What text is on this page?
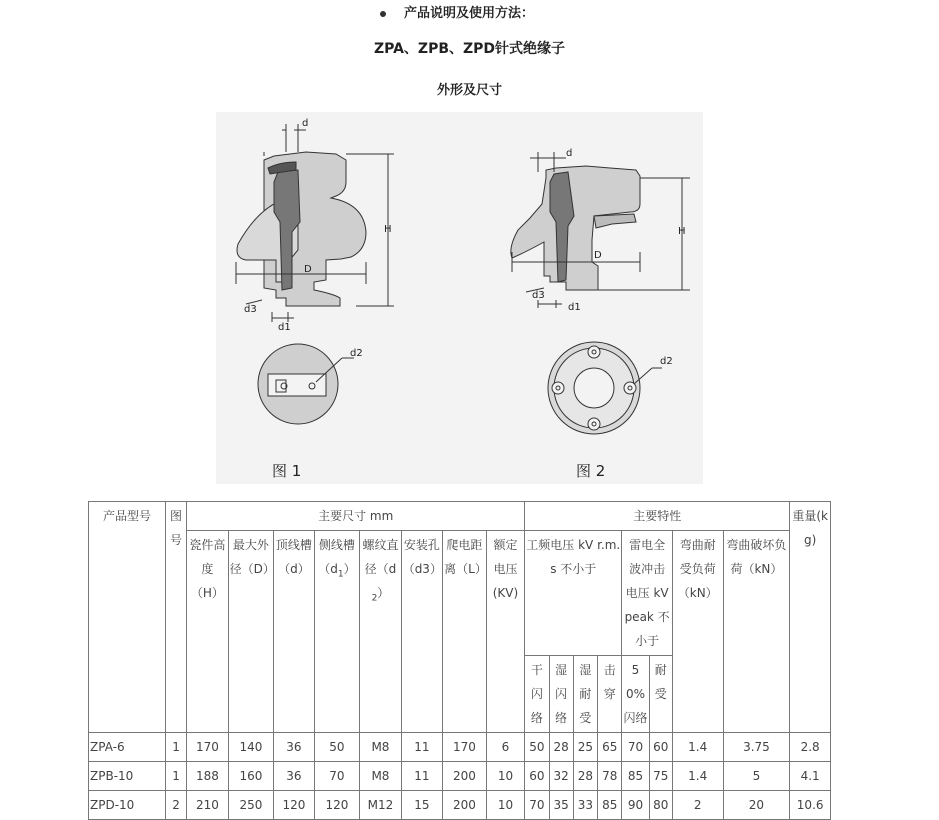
产品说明及使用方法：
ZPA、ZPB、ZPD针式绝缘子
外形及尺寸
d
H
D
d1
d3
d2
d
H
D
d1
d3
d2
图 1	图 2
产品型号	图号	主要尺寸 mm								主要特性								重量(kg)
		瓷件高度（H）	最大外径（D）	顶线槽（d）	侧线槽$(d_1)$	螺纹直径$(d_2)$	安装孔（d3）	爬电距离（L）	额定电压(KV)	工频电压 kV r.m.s 不小于				雷电全波冲击电压 kV peak 不小于		弯曲耐受负荷（kN）	弯曲破坏负荷（kN）	
										干闪络	湿闪络	湿耐受	击穿	50%闪络	耐受			
ZPA-6	1	170	140	36	50	M8	11	170	6	50	28	25	65	70	60	1.4	3.75	2.8
ZPB-10	1	188	160	36	70	M8	11	200	10	60	32	28	78	85	75	1.4	5	4.1
ZPD-10	2	210	250	120	120	M12	15	200	10	70	35	33	85	90	80	2	20	10.6
